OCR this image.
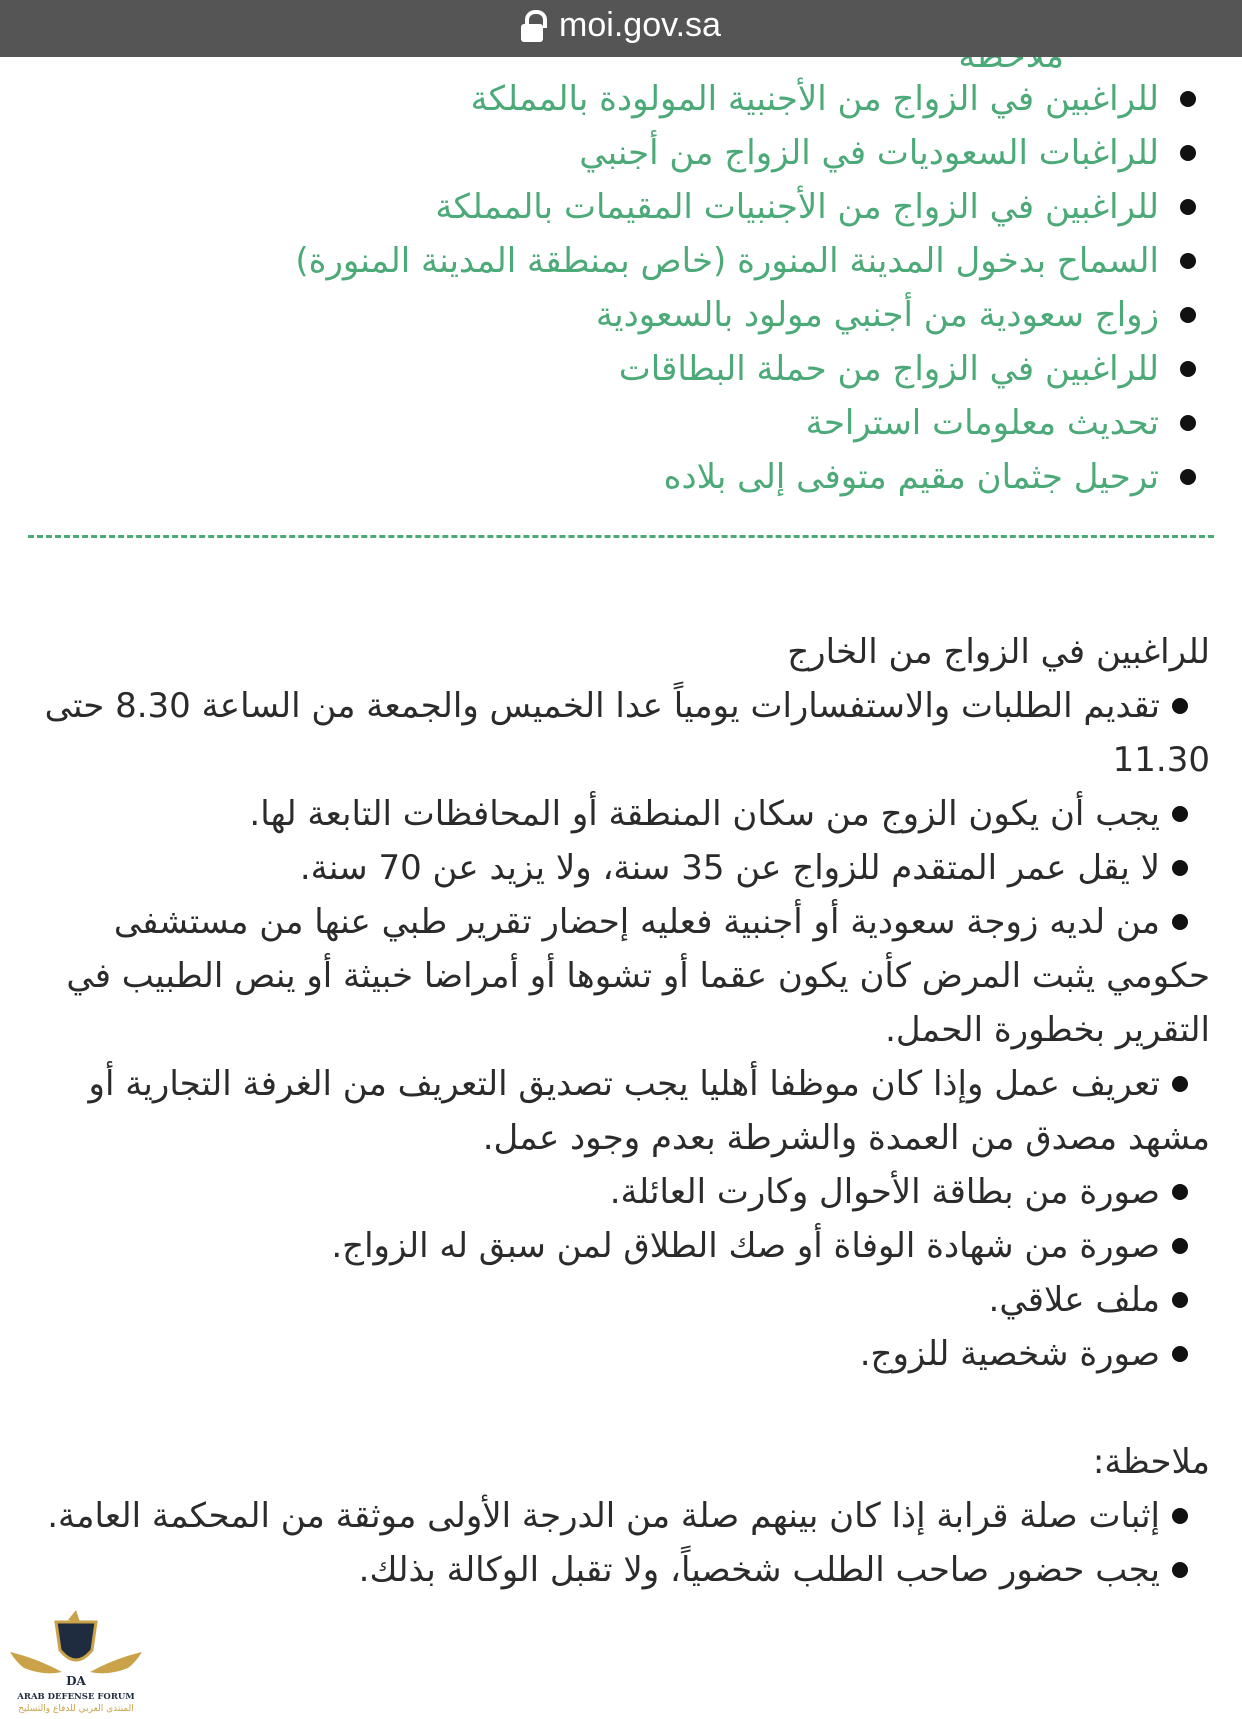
moi.gov.sa
للراغبين في الزواج من الأجنبية المولودة بالمملكة
للراغبات السعوديات في الزواج من أجنبي
للراغبين في الزواج من الأجنبيات المقيمات بالمملكة
السماح بدخول المدينة المنورة (خاص بمنطقة المدينة المنورة)
زواج سعودية من أجنبي مولود بالسعودية
للراغبين في الزواج من حملة البطاقات
تحديث معلومات استراحة
ترحيل جثمان مقيم متوفى إلى بلاده
للراغبين في الزواج من الخارج
تقديم الطلبات والاستفسارات يومياً عدا الخميس والجمعة من الساعة 8.30 حتى 11.30
يجب أن يكون الزوج من سكان المنطقة أو المحافظات التابعة لها.
لا يقل عمر المتقدم للزواج عن 35 سنة، ولا يزيد عن 70 سنة.
من لديه زوجة سعودية أو أجنبية فعليه إحضار تقرير طبي عنها من مستشفى حكومي يثبت المرض كأن يكون عقما أو تشوها أو أمراضا خبيثة أو ينص الطبيب في التقرير بخطورة الحمل.
تعريف عمل وإذا كان موظفا أهليا يجب تصديق التعريف من الغرفة التجارية أو مشهد مصدق من العمدة والشرطة بعدم وجود عمل.
صورة من بطاقة الأحوال وكارت العائلة.
صورة من شهادة الوفاة أو صك الطلاق لمن سبق له الزواج.
ملف علاقي.
صورة شخصية للزوج.
ملاحظة:
إثبات صلة قرابة إذا كان بينهم صلة من الدرجة الأولى موثقة من المحكمة العامة.
يجب حضور صاحب الطلب شخصياً، ولا تقبل الوكالة بذلك.
DA
ARAB DEFENSE FORUM
المنتدى العربي للدفاع والتسليح
